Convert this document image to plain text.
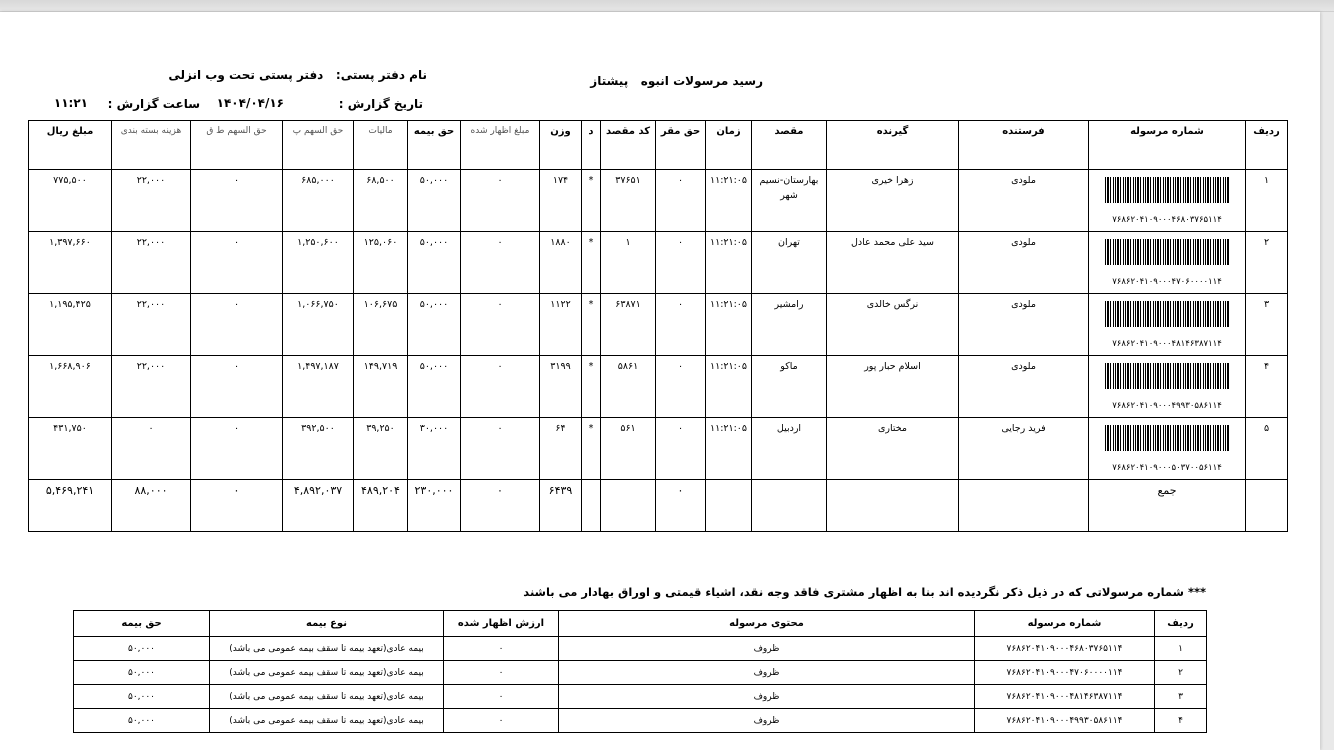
نام دفتر پستی:   دفتر پستی تحت وب انزلی	رسید مرسولات انبوه   پیشتاز
تاریخ گزارش :
۱۴۰۴/۰۴/۱۶
ساعت گزارش :
۱۱:۲۱
ردیف	شماره مرسوله	فرستنده	گیرنده	مقصد	زمان	حق مقر	کد مقصد	د	وزن	مبلغ اظهار شده	حق بیمه	مالیات	حق السهم پ	حق السهم ط ق	هزینه بسته بندی	مبلغ ریال
۱	۷۶۸۶۲۰۴۱۰۹۰۰۰۴۶۸۰۳۷۶۵۱۱۴	ملودی	زهرا خیری	بهارستان-نسیم شهر	۱۱:۲۱:۰۵	۰	۳۷۶۵۱	*	۱۷۴	۰	۵۰,۰۰۰	۶۸,۵۰۰	۶۸۵,۰۰۰	۰	۲۲,۰۰۰	۷۷۵,۵۰۰
۲	۷۶۸۶۲۰۴۱۰۹۰۰۰۴۷۰۶۰۰۰۰۱۱۴	ملودی	سید علی محمد عادل	تهران	۱۱:۲۱:۰۵	۰	۱	*	۱۸۸۰	۰	۵۰,۰۰۰	۱۲۵,۰۶۰	۱,۲۵۰,۶۰۰	۰	۲۲,۰۰۰	۱,۳۹۷,۶۶۰
۳	۷۶۸۶۲۰۴۱۰۹۰۰۰۴۸۱۴۶۳۸۷۱۱۴	ملودی	نرگس خالدی	رامشیر	۱۱:۲۱:۰۵	۰	۶۳۸۷۱	*	۱۱۲۲	۰	۵۰,۰۰۰	۱۰۶,۶۷۵	۱,۰۶۶,۷۵۰	۰	۲۲,۰۰۰	۱,۱۹۵,۴۲۵
۴	۷۶۸۶۲۰۴۱۰۹۰۰۰۴۹۹۳۰۵۸۶۱۱۴	ملودی	اسلام حبار پور	ماکو	۱۱:۲۱:۰۵	۰	۵۸۶۱	*	۳۱۹۹	۰	۵۰,۰۰۰	۱۴۹,۷۱۹	۱,۴۹۷,۱۸۷	۰	۲۲,۰۰۰	۱,۶۶۸,۹۰۶
۵	۷۶۸۶۲۰۴۱۰۹۰۰۰۵۰۳۷۰۰۵۶۱۱۴	فرید رجایی	مختاری	اردبیل	۱۱:۲۱:۰۵	۰	۵۶۱	*	۶۴	۰	۳۰,۰۰۰	۳۹,۲۵۰	۳۹۲,۵۰۰	۰	۰	۴۳۱,۷۵۰
	جمع					۰			۶۴۳۹	۰	۲۳۰,۰۰۰	۴۸۹,۲۰۴	۴,۸۹۲,۰۳۷	۰	۸۸,۰۰۰	۵,۴۶۹,۲۴۱
*** شماره مرسولاتی که در ذیل ذکر نگردیده اند بنا به اظهار مشتری فاقد وجه نقد، اشیاء قیمتی و اوراق بهادار می باشند
ردیف	شماره مرسوله	محتوی مرسوله	ارزش اظهار شده	نوع بیمه	حق بیمه
۱	۷۶۸۶۲۰۴۱۰۹۰۰۰۴۶۸۰۳۷۶۵۱۱۴	ظروف	۰	بیمه عادی(تعهد بیمه تا سقف بیمه عمومی می باشد)	۵۰,۰۰۰
۲	۷۶۸۶۲۰۴۱۰۹۰۰۰۴۷۰۶۰۰۰۰۱۱۴	ظروف	۰	بیمه عادی(تعهد بیمه تا سقف بیمه عمومی می باشد)	۵۰,۰۰۰
۳	۷۶۸۶۲۰۴۱۰۹۰۰۰۴۸۱۴۶۳۸۷۱۱۴	ظروف	۰	بیمه عادی(تعهد بیمه تا سقف بیمه عمومی می باشد)	۵۰,۰۰۰
۴	۷۶۸۶۲۰۴۱۰۹۰۰۰۴۹۹۳۰۵۸۶۱۱۴	ظروف	۰	بیمه عادی(تعهد بیمه تا سقف بیمه عمومی می باشد)	۵۰,۰۰۰
